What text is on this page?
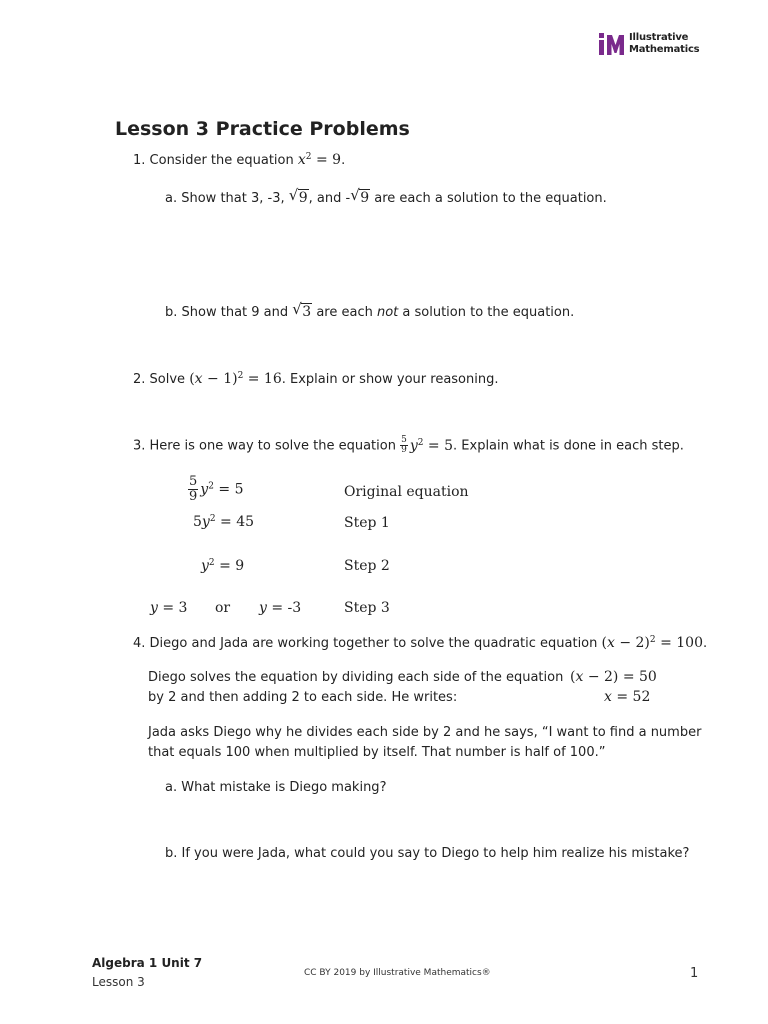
Illustrative
Mathematics
Lesson 3 Practice Problems
1. Consider the equation $x^2 = 9$.
a. Show that 3, -3, √ 9, and - √ 9 are each a solution to the equation.
b. Show that 9 and √ 3 are each not a solution to the equation.
2. Solve $(x - 1)^2 = 16$. Explain or show your reasoning.
3. Here is one way to solve the equation $\frac{5}{9} y^2 = 5$. Explain what is done in each step.
$\frac{5}{9} y^2 = 5$	Original equation
$5y^2 = 45$	Step 1
$y^2 = 9$	Step 2
y = 3 or y = -3	Step 3
4. Diego and Jada are working together to solve the quadratic equation $(x - 2)^2 = 100$.
Diego solves the equation by dividing each side of the equation
by 2 and then adding 2 to each side. He writes:
(x − 2) = 50
x = 52
Jada asks Diego why he divides each side by 2 and he says, “I want to find a number
that equals 100 when multiplied by itself. That number is half of 100.”
a. What mistake is Diego making?
b. If you were Jada, what could you say to Diego to help him realize his mistake?
Algebra 1 Unit 7
Lesson 3
CC BY 2019 by Illustrative Mathematics®	1
